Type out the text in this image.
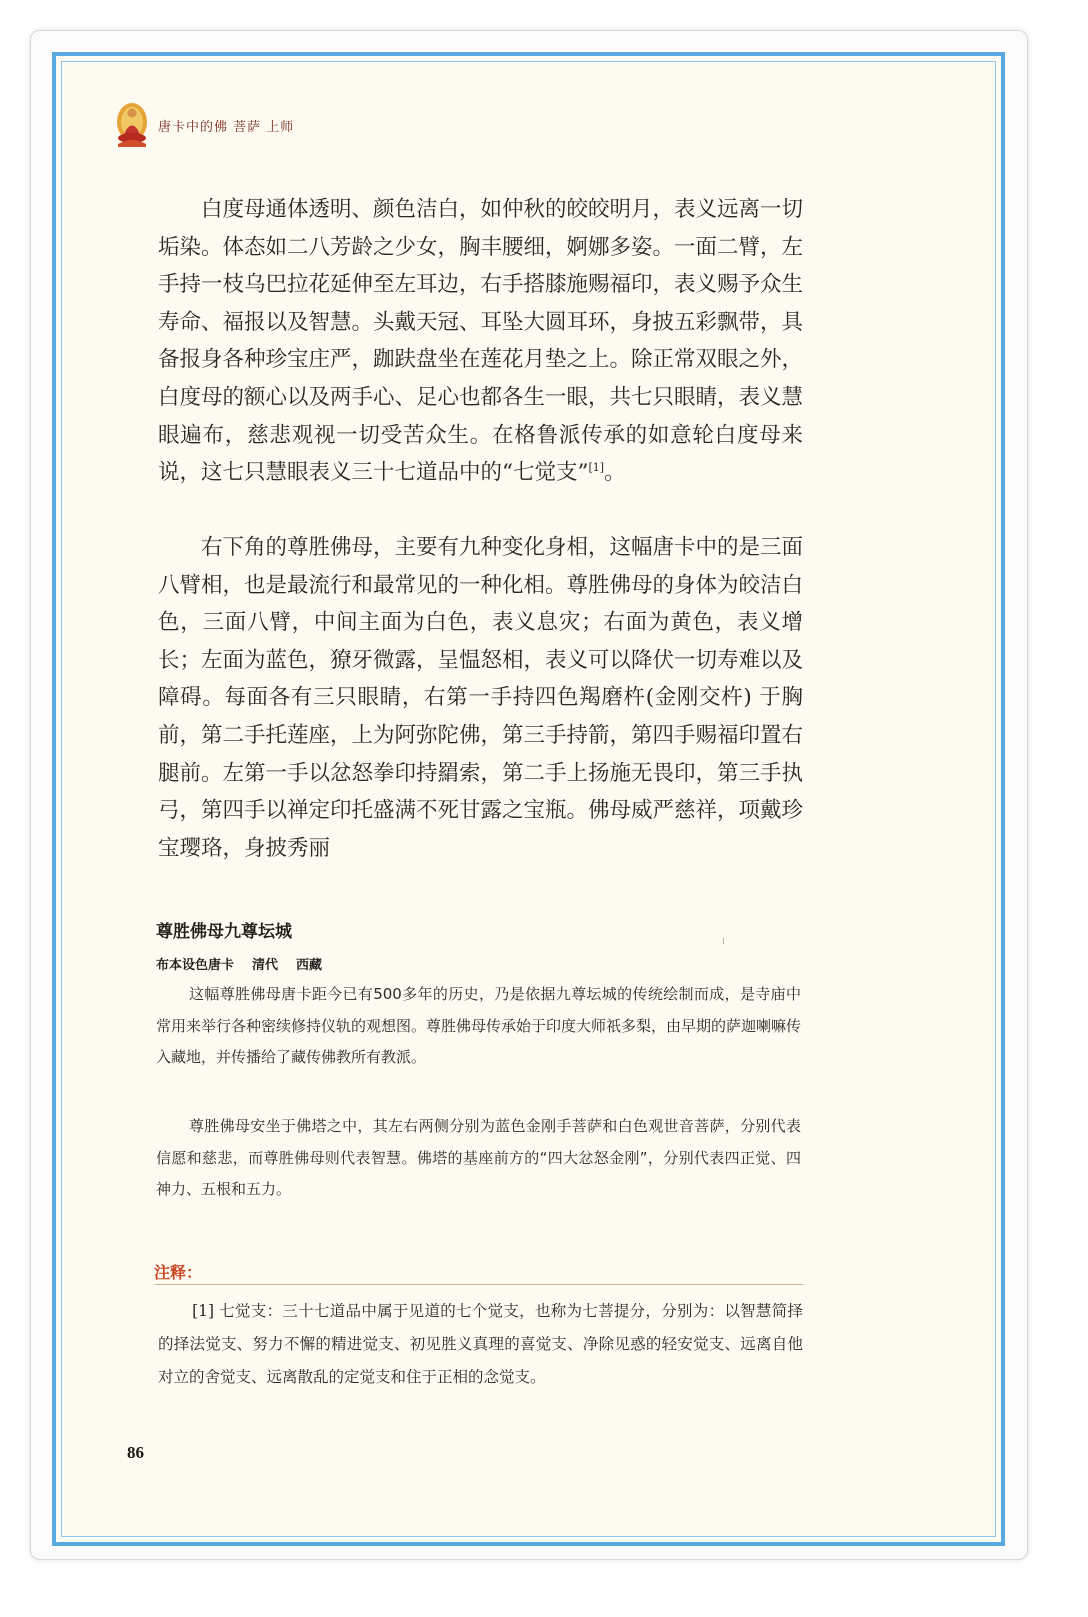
唐卡中的佛 菩萨 上师

白度母通体透明、颜色洁白，如仲秋的皎皎明月，表义远离一切垢染。体态如二八芳龄之少女，胸丰腰细，婀娜多姿。一面二臂，左手持一枝乌巴拉花延伸至左耳边，右手搭膝施赐福印，表义赐予众生寿命、福报以及智慧。头戴天冠、耳坠大圆耳环，身披五彩飘带，具备报身各种珍宝庄严，跏趺盘坐在莲花月垫之上。除正常双眼之外，白度母的额心以及两手心、足心也都各生一眼，共七只眼睛，表义慧眼遍布，慈悲观视一切受苦众生。在格鲁派传承的如意轮白度母来说，这七只慧眼表义三十七道品中的“七觉支”[1]。

右下角的尊胜佛母，主要有九种变化身相，这幅唐卡中的是三面八臂相，也是最流行和最常见的一种化相。尊胜佛母的身体为皎洁白色，三面八臂，中间主面为白色，表义息灾；右面为黄色，表义增长；左面为蓝色，獠牙微露，呈愠怒相，表义可以降伏一切寿难以及障碍。每面各有三只眼睛，右第一手持四色羯磨杵(金刚交杵) 于胸前，第二手托莲座，上为阿弥陀佛，第三手持箭，第四手赐福印置右腿前。左第一手以忿怒拳印持羂索，第二手上扬施无畏印，第三手执弓，第四手以禅定印托盛满不死甘露之宝瓶。佛母威严慈祥，项戴珍宝璎珞，身披秀丽

尊胜佛母九尊坛城

布本设色唐卡 清代 西藏

这幅尊胜佛母唐卡距今已有500多年的历史，乃是依据九尊坛城的传统绘制而成，是寺庙中常用来举行各种密续修持仪轨的观想图。尊胜佛母传承始于印度大师祇多梨，由早期的萨迦喇嘛传入藏地，并传播给了藏传佛教所有教派。

尊胜佛母安坐于佛塔之中，其左右两侧分别为蓝色金刚手菩萨和白色观世音菩萨，分别代表信愿和慈悲，而尊胜佛母则代表智慧。佛塔的基座前方的“四大忿怒金刚”，分别代表四正觉、四神力、五根和五力。

注释：

[1] 七觉支：三十七道品中属于见道的七个觉支，也称为七菩提分，分别为：以智慧简择的择法觉支、努力不懈的精进觉支、初见胜义真理的喜觉支、净除见惑的轻安觉支、远离自他对立的舍觉支、远离散乱的定觉支和住于正相的念觉支。

86
